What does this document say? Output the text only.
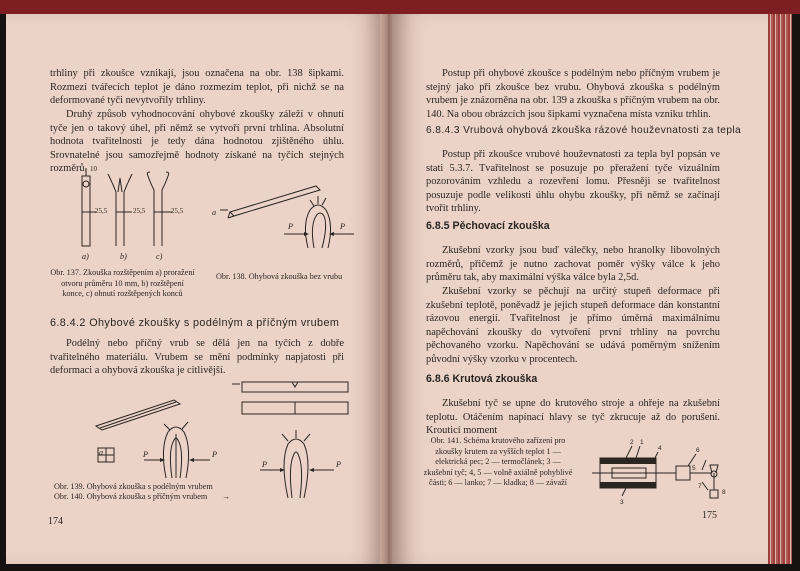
trhliny při zkoušce vznikají, jsou označena na obr. 138 šipkami. Rozmezí tvářecích teplot je dáno rozmezím teplot, při nichž se na deformované tyči nevytvořily trhliny.

Druhý způsob vyhodnocování ohybové zkoušky záleží v ohnutí tyče jen o takový úhel, při němž se vytvoří první trhlina. Absolutní hodnota tvařitelnosti je tedy dána hodnotou zjištěného úhlu. Srovnatelné jsou samozřejmě hodnoty získané na tyčích stejných rozměrů.

25,5	25,5	25,5
10
a)	b)	c)

Obr. 137. Zkouška rozštěpením a) proražení otvoru průměru 10 mm, b) rozštěpení konce, c) ohnutí rozštěpených konců

a
P	P

Obr. 138. Ohybová zkouška bez vrubu

6.8.4.2 Ohybové zkoušky s podélným a příčným vrubem

Podélný nebo příčný vrub se dělá jen na tyčích z dobře tvařitelného materiálu. Vrubem se mění podmínky napjatosti při deformaci a ohybová zkouška je citlivější.

P	P
a

Obr. 139. Ohybová zkouška s podélným vrubem

P	P

Obr. 140. Ohybová zkouška s příčným vrubem	→
174

Postup při ohybové zkoušce s podélným nebo příčným vrubem je stejný jako při zkoušce bez vrubu. Ohybová zkouška s podélným vrubem je znázorněna na obr. 139 a zkouška s příčným vrubem na obr. 140. Na obou obrázcích jsou šipkami vyznačena místa vzniku trhlin.

6.8.4.3 Vrubová ohybová zkouška rázové houževnatosti za tepla

Postup při zkoušce vrubové houževnatosti za tepla byl popsán ve stati 5.3.7. Tvařitelnost se posuzuje po přeražení tyče vizuálním pozorováním vzhledu a rozevření lomu. Přesněji se tvařitelnost posuzuje podle velikosti úhlu ohybu zkoušky, při němž se začínají tvořit trhliny.

6.8.5 Pěchovací zkouška

Zkušební vzorky jsou buď válečky, nebo hranolky libovolných rozměrů, přičemž je nutno zachovat poměr výšky válce k jeho průměru tak, aby maximální výška válce byla 2,5d.

Zkušební vzorky se pěchují na určitý stupeň deformace při zkušební teplotě, poněvadž je jejich stupeň deformace dán konstantní rázovou energií. Tvařitelnost je přímo úměrná maximálnímu napěchování zkoušky do vytvoření první trhliny na povrchu pěchovaného vzorku. Napěchování se udává poměrným snížením původní výšky vzorku v procentech.

6.8.6 Krutová zkouška

Zkušební tyč se upne do krutového stroje a ohřeje na zkušební teplotu. Otáčením napínací hlavy se tyč zkrucuje až do porušení. Krouticí moment

Obr. 141. Schéma krutového zařízení pro zkoušky krutem za vyšších teplot 1 — elektrická pec; 2 — termočlánek; 3 — zkušební tyč; 4, 5 — volně axiálně pohyblivé části; 6 — lanko; 7 — kladka; 8 — závaží

2 1
4
5
6
7
8
3
175
